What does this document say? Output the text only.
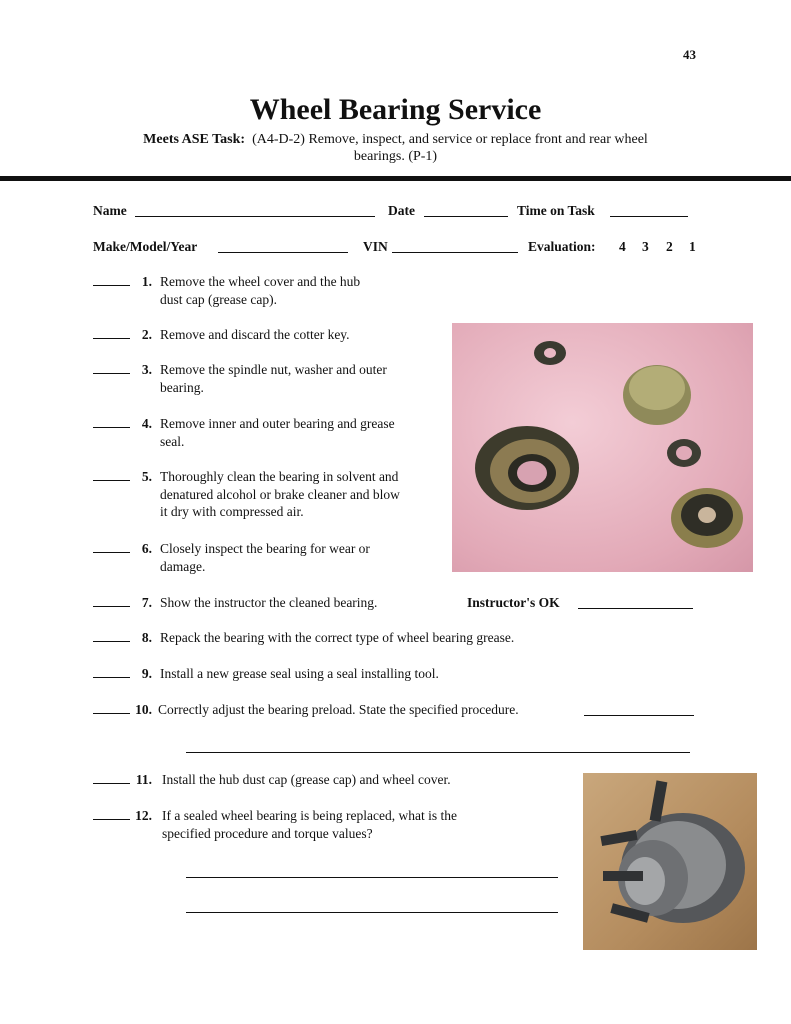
43
Wheel Bearing Service
Meets ASE Task: (A4-D-2) Remove, inspect, and service or replace front and rear wheel
bearings. (P-1)
Name	Date	Time on Task
Make/Model/Year	VIN	Evaluation: 4 3 2 1
1. Remove the wheel cover and the hub
dust cap (grease cap).
2. Remove and discard the cotter key.
3. Remove the spindle nut, washer and outer
bearing.
4. Remove inner and outer bearing and grease
seal.
5. Thoroughly clean the bearing in solvent and
denatured alcohol or brake cleaner and blow
it dry with compressed air.
6. Closely inspect the bearing for wear or
damage.
7. Show the instructor the cleaned bearing.	Instructor's OK
8. Repack the bearing with the correct type of wheel bearing grease.
9. Install a new grease seal using a seal installing tool.
10. Correctly adjust the bearing preload. State the specified procedure.
11. Install the hub dust cap (grease cap) and wheel cover.
12. If a sealed wheel bearing is being replaced, what is the
specified procedure and torque values?
